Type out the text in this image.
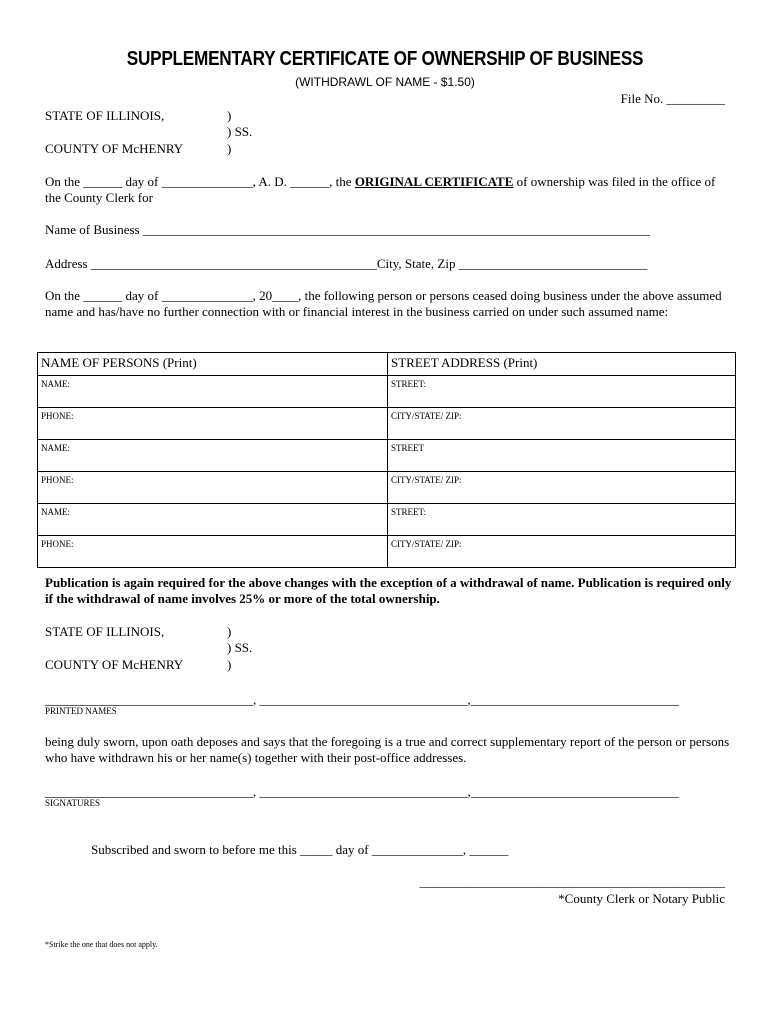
SUPPLEMENTARY CERTIFICATE OF OWNERSHIP OF BUSINESS
(WITHDRAWL OF NAME - $1.50)
File No. _________
STATE OF ILLINOIS,
COUNTY OF McHENRY
)
) SS.
)
On the ______ day of ______________, A. D. ______, the ORIGINAL CERTIFICATE of ownership was filed in the office of the County Clerk for
Name of Business ______________________________________________________________________________
Address ____________________________________________City, State, Zip _____________________________
On the ______ day of ______________, 20____, the following person or persons ceased doing business under the above assumed name and has/have no further connection with or financial interest in the business carried on under such assumed name:
NAME OF PERSONS (Print)	STREET ADDRESS (Print)
NAME:	STREET:
PHONE:	CITY/STATE/ ZIP:
NAME:	STREET
PHONE:	CITY/STATE/ ZIP:
NAME:	STREET:
PHONE:	CITY/STATE/ ZIP:
Publication is again required for the above changes with the exception of a withdrawal of name. Publication is required only if the withdrawal of name involves 25% or more of the total ownership.
STATE OF ILLINOIS,
COUNTY OF McHENRY
)
) SS.
)
________________________________, ________________________________,________________________________
PRINTED NAMES
being duly sworn, upon oath deposes and says that the foregoing is a true and correct supplementary report of the person or persons who have withdrawn his or her name(s) together with their post-office addresses.
________________________________, ________________________________,________________________________
SIGNATURES
Subscribed and sworn to before me this _____ day of ______________, ______
_______________________________________________
*County Clerk or Notary Public
*Strike the one that does not apply.
